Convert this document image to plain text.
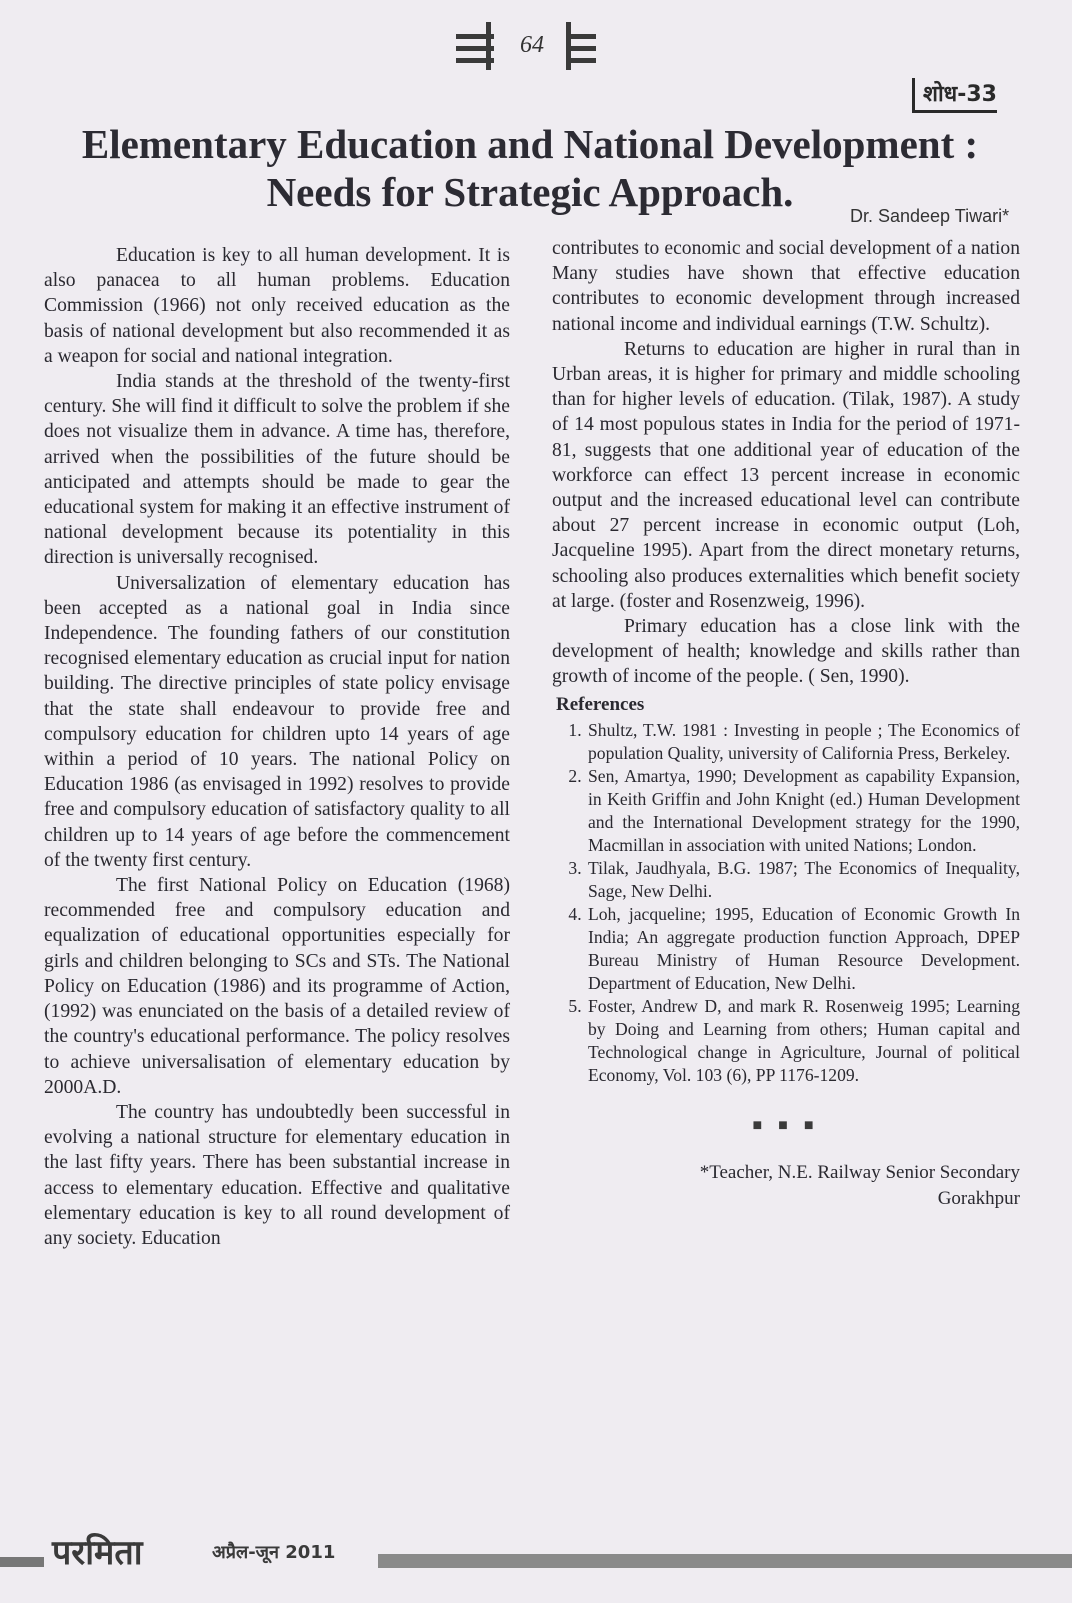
64
शोध-33
Elementary Education and National Development :
Needs for Strategic Approach.
Dr. Sandeep Tiwari*

Education is key to all human development. It is also panacea to all human problems. Education Commission (1966) not only received education as the basis of national development but also recommended it as a weapon for social and national integration.

India stands at the threshold of the twenty-first century. She will find it difficult to solve the problem if she does not visualize them in advance. A time has, therefore, arrived when the possibilities of the future should be anticipated and attempts should be made to gear the educational system for making it an effective instrument of national development because its potentiality in this direction is universally recognised.

Universalization of elementary education has been accepted as a national goal in India since Independence. The founding fathers of our constitution recognised elementary education as crucial input for nation building. The directive principles of state policy envisage that the state shall endeavour to provide free and compulsory education for children upto 14 years of age within a period of 10 years. The national Policy on Education 1986 (as envisaged in 1992) resolves to provide free and compulsory education of satisfactory quality to all children up to 14 years of age before the commencement of the twenty first century.

The first National Policy on Education (1968) recommended free and compulsory education and equalization of educational opportunities especially for girls and children belonging to SCs and STs. The National Policy on Education (1986) and its programme of Action, (1992) was enunciated on the basis of a detailed review of the country's educational performance. The policy resolves to achieve universalisation of elementary education by 2000A.D.

The country has undoubtedly been successful in evolving a national structure for elementary education in the last fifty years. There has been substantial increase in access to elementary education. Effective and qualitative elementary education is key to all round development of any society. Education

contributes to economic and social development of a nation Many studies have shown that effective education contributes to economic development through increased national income and individual earnings (T.W. Schultz).

Returns to education are higher in rural than in Urban areas, it is higher for primary and middle schooling than for higher levels of education. (Tilak, 1987). A study of 14 most populous states in India for the period of 1971-81, suggests that one additional year of education of the workforce can effect 13 percent increase in economic output and the increased educational level can contribute about 27 percent increase in economic output (Loh, Jacqueline 1995). Apart from the direct monetary returns, schooling also produces externalities which benefit society at large. (foster and Rosenzweig, 1996).

Primary education has a close link with the development of health; knowledge and skills rather than growth of income of the people. ( Sen, 1990).

References
1. Shultz, T.W. 1981 : Investing in people ; The Economics of population Quality, university of California Press, Berkeley.
2. Sen, Amartya, 1990; Development as capability Expansion, in Keith Griffin and John Knight (ed.) Human Development and the International Development strategy for the 1990, Macmillan in association with united Nations; London.
3. Tilak, Jaudhyala, B.G. 1987; The Economics of Inequality, Sage, New Delhi.
4. Loh, jacqueline; 1995, Education of Economic Growth In India; An aggregate production function Approach, DPEP Bureau Ministry of Human Resource Development. Department of Education, New Delhi.
5. Foster, Andrew D, and mark R. Rosenweig 1995; Learning by Doing and Learning from others; Human capital and Technological change in Agriculture, Journal of political Economy, Vol. 103 (6), PP 1176-1209.
■ ■ ■
*Teacher, N.E. Railway Senior Secondary
Gorakhpur
परमिता	अप्रैल-जून 2011
